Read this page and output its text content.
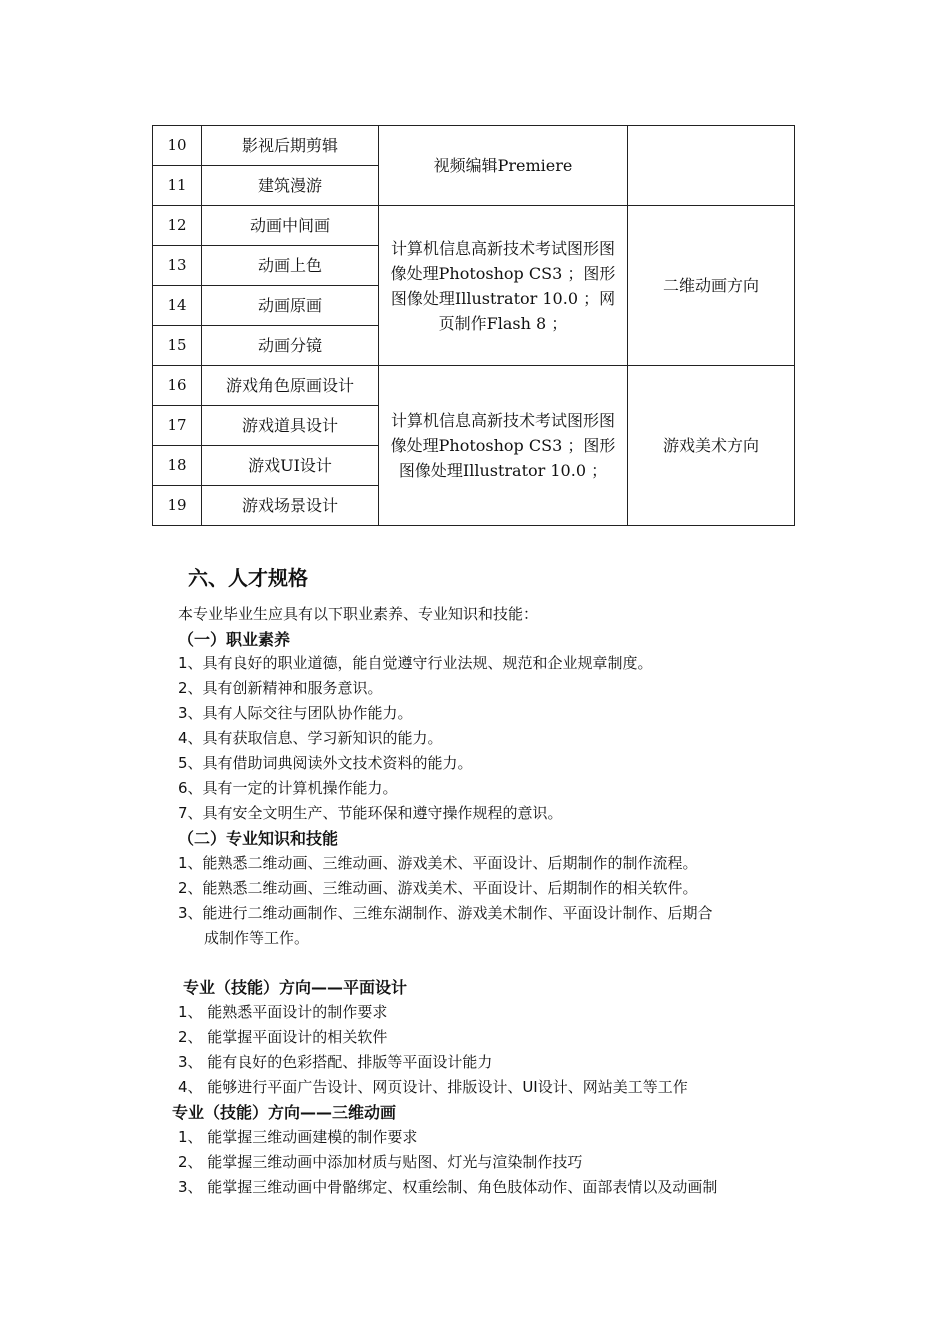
10	影视后期剪辑	视频编辑Premiere	
11	建筑漫游		
12	动画中间画	计算机信息高新技术考试图形图像处理Photoshop CS3 ；图形图像处理Illustrator 10.0 ；网页制作Flash 8 ；	二维动画方向
13	动画上色		
14	动画原画		
15	动画分镜		
16	游戏角色原画设计	计算机信息高新技术考试图形图像处理Photoshop CS3 ；图形图像处理Illustrator 10.0 ；	游戏美术方向
17	游戏道具设计		
18	游戏UI设计		
19	游戏场景设计		
六、人才规格
本专业毕业生应具有以下职业素养、专业知识和技能：
（一）职业素养
1、具有良好的职业道德，能自觉遵守行业法规、规范和企业规章制度。
2、具有创新精神和服务意识。
3、具有人际交往与团队协作能力。
4、具有获取信息、学习新知识的能力。
5、具有借助词典阅读外文技术资料的能力。
6、具有一定的计算机操作能力。
7、具有安全文明生产、节能环保和遵守操作规程的意识。
（二）专业知识和技能
1、能熟悉二维动画、三维动画、游戏美术、平面设计、后期制作的制作流程。
2、能熟悉二维动画、三维动画、游戏美术、平面设计、后期制作的相关软件。
3、能进行二维动画制作、三维东湖制作、游戏美术制作、平面设计制作、后期合
成制作等工作。
专业（技能）方向——平面设计
1、 能熟悉平面设计的制作要求
2、 能掌握平面设计的相关软件
3、 能有良好的色彩搭配、排版等平面设计能力
4、 能够进行平面广告设计、网页设计、排版设计、UI设计、网站美工等工作
专业（技能）方向——三维动画
1、 能掌握三维动画建模的制作要求
2、 能掌握三维动画中添加材质与贴图、灯光与渲染制作技巧
3、 能掌握三维动画中骨骼绑定、权重绘制、角色肢体动作、面部表情以及动画制
